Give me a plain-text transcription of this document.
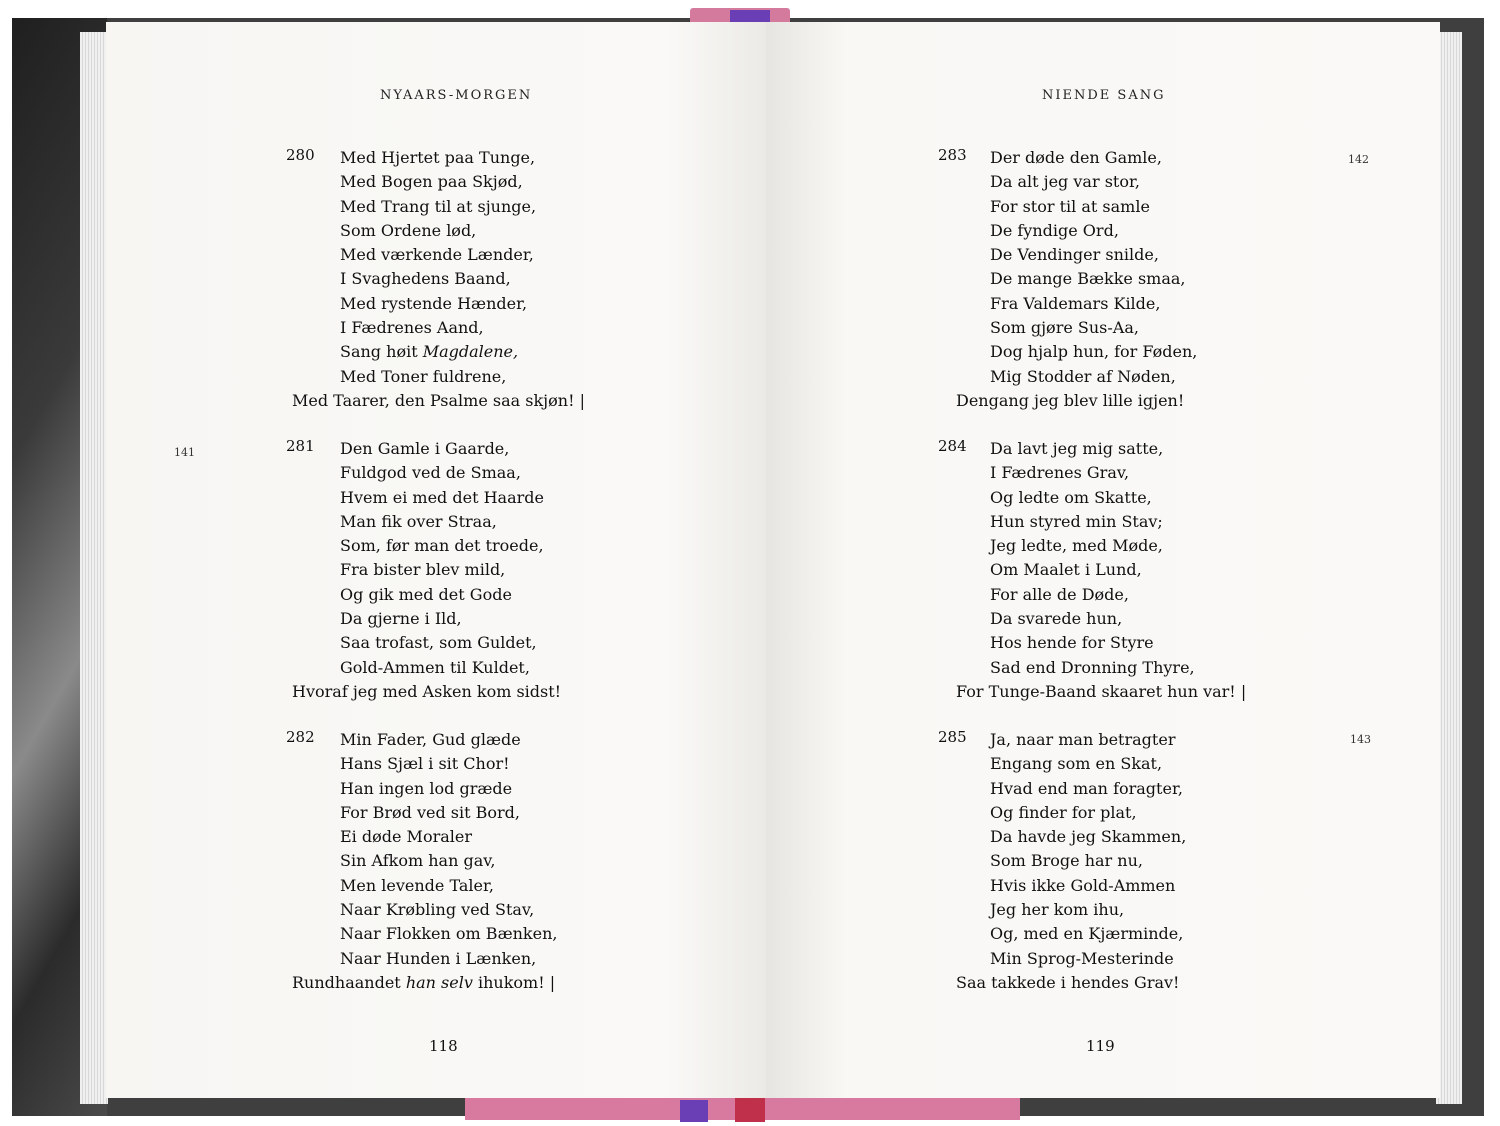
NYAARS-MORGEN
141
280 Med Hjertet paa Tunge,
Med Bogen paa Skjød,
Med Trang til at sjunge,
Som Ordene lød,
Med værkende Lænder,
I Svaghedens Baand,
Med rystende Hænder,
I Fædrenes Aand,
Sang høit Magdalene,
Med Toner fuldrene,
Med Taarer, den Psalme saa skjøn! |
281 Den Gamle i Gaarde,
Fuldgod ved de Smaa,
Hvem ei med det Haarde
Man fik over Straa,
Som, før man det troede,
Fra bister blev mild,
Og gik med det Gode
Da gjerne i Ild,
Saa trofast, som Guldet,
Gold-Ammen til Kuldet,
Hvoraf jeg med Asken kom sidst!
282 Min Fader, Gud glæde
Hans Sjæl i sit Chor!
Han ingen lod græde
For Brød ved sit Bord,
Ei døde Moraler
Sin Afkom han gav,
Men levende Taler,
Naar Krøbling ved Stav,
Naar Flokken om Bænken,
Naar Hunden i Lænken,
Rundhaandet han selv ihukom! |
118
NIENDE SANG
142
143
283 Der døde den Gamle,
Da alt jeg var stor,
For stor til at samle
De fyndige Ord,
De Vendinger snilde,
De mange Bække smaa,
Fra Valdemars Kilde,
Som gjøre Sus-Aa,
Dog hjalp hun, for Føden,
Mig Stodder af Nøden,
Dengang jeg blev lille igjen!
284 Da lavt jeg mig satte,
I Fædrenes Grav,
Og ledte om Skatte,
Hun styred min Stav;
Jeg ledte, med Møde,
Om Maalet i Lund,
For alle de Døde,
Da svarede hun,
Hos hende for Styre
Sad end Dronning Thyre,
For Tunge-Baand skaaret hun var! |
285 Ja, naar man betragter
Engang som en Skat,
Hvad end man foragter,
Og finder for plat,
Da havde jeg Skammen,
Som Broge har nu,
Hvis ikke Gold-Ammen
Jeg her kom ihu,
Og, med en Kjærminde,
Min Sprog-Mesterinde
Saa takkede i hendes Grav!
119
